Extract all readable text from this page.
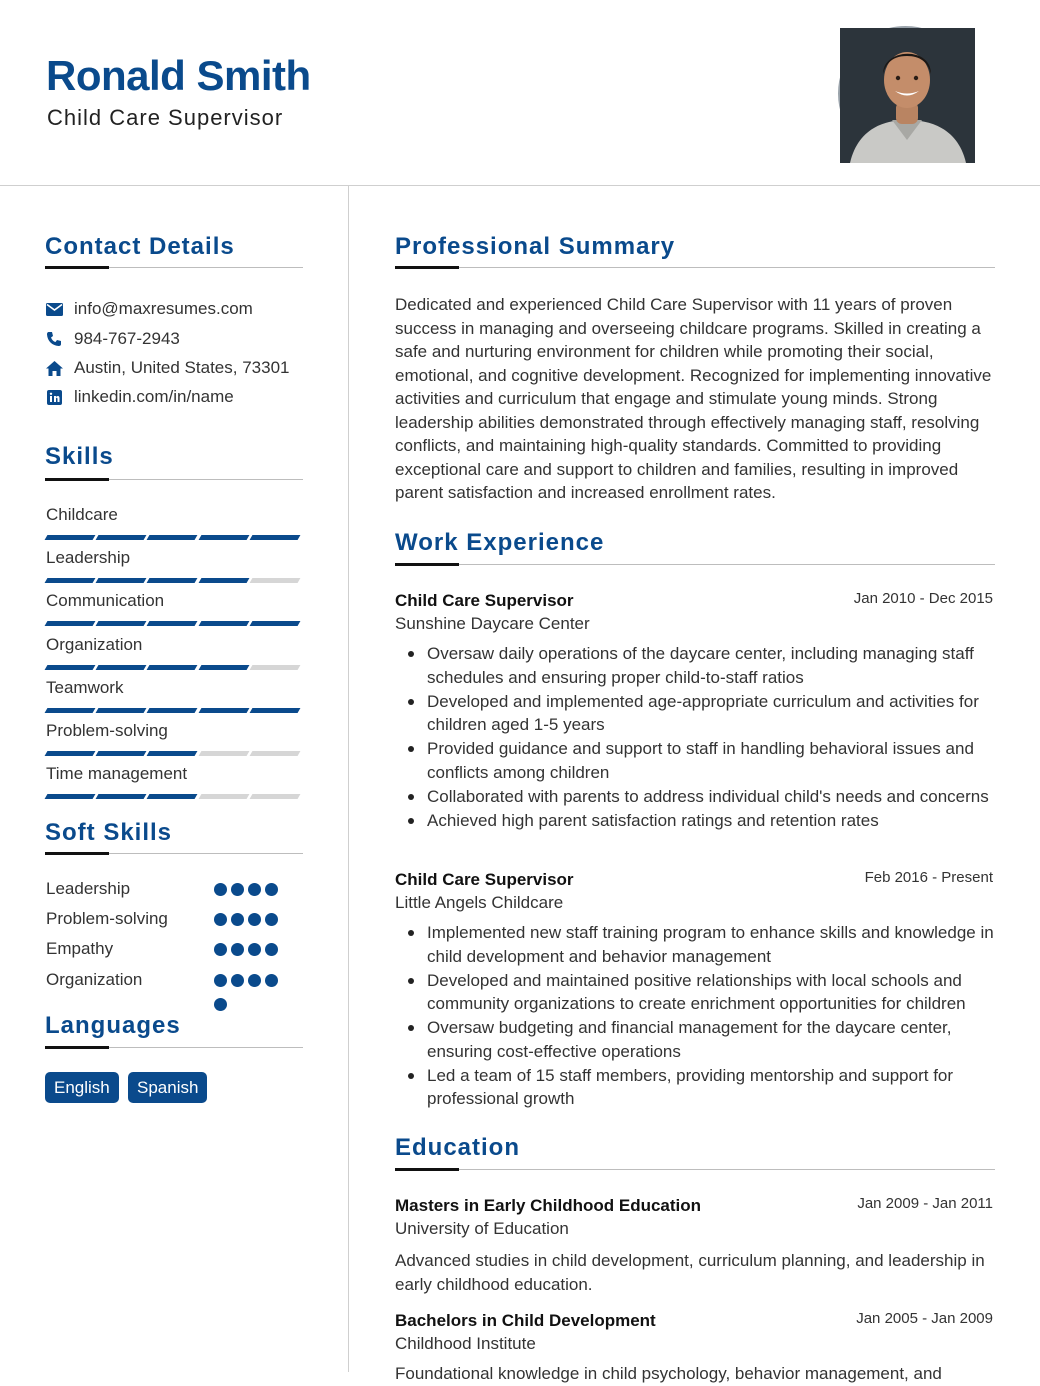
Ronald Smith
Child Care Supervisor
Contact Details
info@maxresumes.com
984-767-2943
Austin, United States, 73301
linkedin.com/in/name
Skills
Childcare
Leadership
Communication
Organization
Teamwork
Problem-solving
Time management
Soft Skills
Leadership
Problem-solving
Empathy
Organization
Languages
English	Spanish
Professional Summary
Dedicated and experienced Child Care Supervisor with 11 years of proven success in managing and overseeing childcare programs. Skilled in creating a safe and nurturing environment for children while promoting their social, emotional, and cognitive development. Recognized for implementing innovative activities and curriculum that engage and stimulate young minds. Strong leadership abilities demonstrated through effectively managing staff, resolving conflicts, and maintaining high-quality standards. Committed to providing exceptional care and support to children and families, resulting in improved parent satisfaction and increased enrollment rates.
Work Experience
Child Care Supervisor	Jan 2010 - Dec 2015
Sunshine Daycare Center
Oversaw daily operations of the daycare center, including managing staff schedules and ensuring proper child-to-staff ratios
Developed and implemented age-appropriate curriculum and activities for children aged 1-5 years
Provided guidance and support to staff in handling behavioral issues and conflicts among children
Collaborated with parents to address individual child's needs and concerns
Achieved high parent satisfaction ratings and retention rates
Child Care Supervisor	Feb 2016 - Present
Little Angels Childcare
Implemented new staff training program to enhance skills and knowledge in child development and behavior management
Developed and maintained positive relationships with local schools and community organizations to create enrichment opportunities for children
Oversaw budgeting and financial management for the daycare center, ensuring cost-effective operations
Led a team of 15 staff members, providing mentorship and support for professional growth
Education
Masters in Early Childhood Education	Jan 2009 - Jan 2011
University of Education
Advanced studies in child development, curriculum planning, and leadership in early childhood education.
Bachelors in Child Development	Jan 2005 - Jan 2009
Childhood Institute
Foundational knowledge in child psychology, behavior management, and
